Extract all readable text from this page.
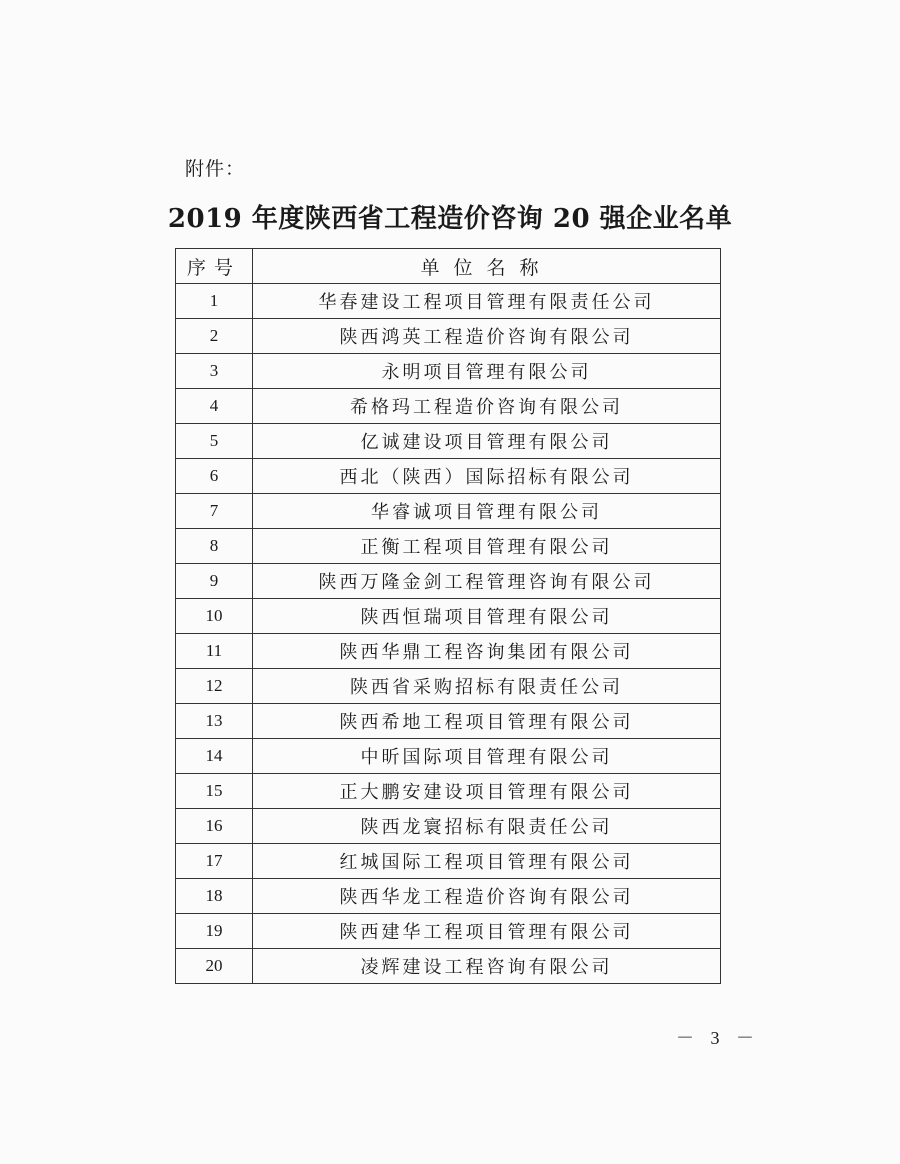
附件：
2019 年度陕西省工程造价咨询 20 强企业名单
序号	单位名称
1	华春建设工程项目管理有限责任公司
2	陕西鸿英工程造价咨询有限公司
3	永明项目管理有限公司
4	希格玛工程造价咨询有限公司
5	亿诚建设项目管理有限公司
6	西北（陕西）国际招标有限公司
7	华睿诚项目管理有限公司
8	正衡工程项目管理有限公司
9	陕西万隆金剑工程管理咨询有限公司
10	陕西恒瑞项目管理有限公司
11	陕西华鼎工程咨询集团有限公司
12	陕西省采购招标有限责任公司
13	陕西希地工程项目管理有限公司
14	中昕国际项目管理有限公司
15	正大鹏安建设项目管理有限公司
16	陕西龙寰招标有限责任公司
17	红城国际工程项目管理有限公司
18	陕西华龙工程造价咨询有限公司
19	陕西建华工程项目管理有限公司
20	凌辉建设工程咨询有限公司
－ 3 －
